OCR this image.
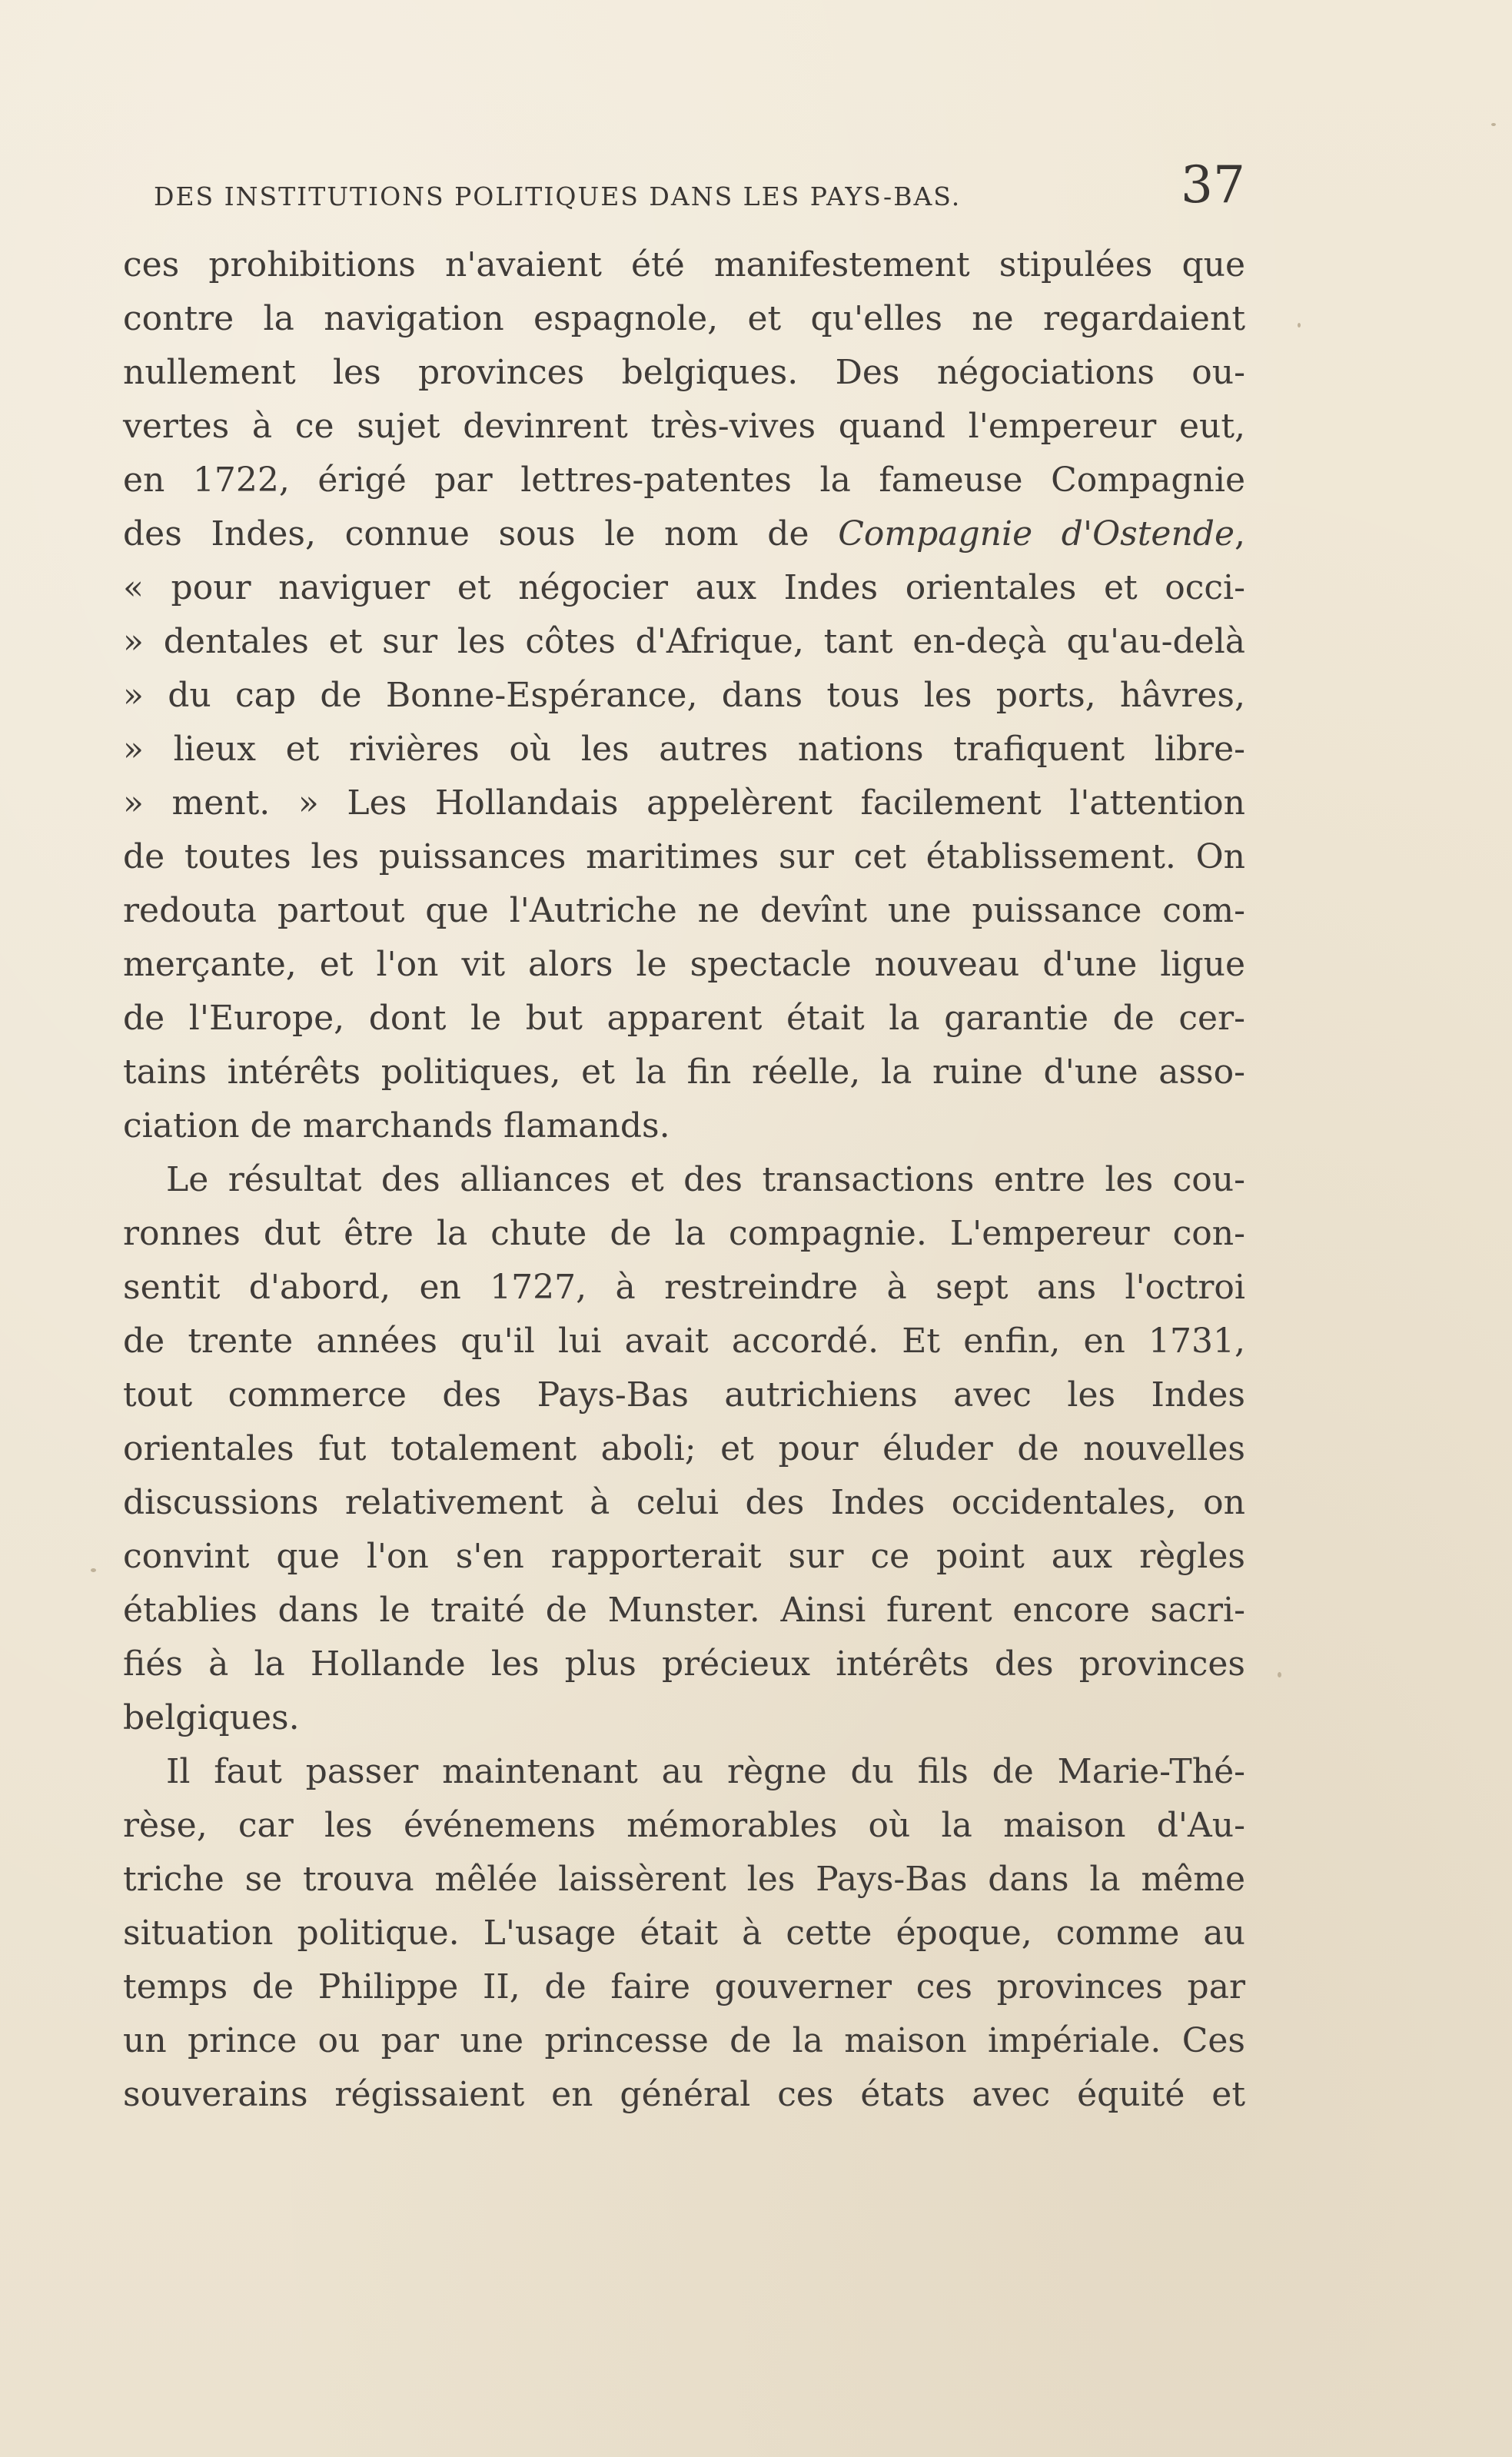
DES INSTITUTIONS POLITIQUES DANS LES PAYS-BAS.	37
ces prohibitions n'avaient été manifestement stipulées que
contre la navigation espagnole, et qu'elles ne regardaient
nullement les provinces belgiques. Des négociations ou-
vertes à ce sujet devinrent très-vives quand l'empereur eut,
en 1722, érigé par lettres-patentes la fameuse Compagnie
des Indes, connue sous le nom de Compagnie d'Ostende,
« pour naviguer et négocier aux Indes orientales et occi-
» dentales et sur les côtes d'Afrique, tant en-deçà qu'au-delà
» du cap de Bonne-Espérance, dans tous les ports, hâvres,
» lieux et rivières où les autres nations trafiquent libre-
» ment. » Les Hollandais appelèrent facilement l'attention
de toutes les puissances maritimes sur cet établissement. On
redouta partout que l'Autriche ne devînt une puissance com-
merçante, et l'on vit alors le spectacle nouveau d'une ligue
de l'Europe, dont le but apparent était la garantie de cer-
tains intérêts politiques, et la fin réelle, la ruine d'une asso-
ciation de marchands flamands.
Le résultat des alliances et des transactions entre les cou-
ronnes dut être la chute de la compagnie. L'empereur con-
sentit d'abord, en 1727, à restreindre à sept ans l'octroi
de trente années qu'il lui avait accordé. Et enfin, en 1731,
tout commerce des Pays-Bas autrichiens avec les Indes
orientales fut totalement aboli; et pour éluder de nouvelles
discussions relativement à celui des Indes occidentales, on
convint que l'on s'en rapporterait sur ce point aux règles
établies dans le traité de Munster. Ainsi furent encore sacri-
fiés à la Hollande les plus précieux intérêts des provinces
belgiques.
Il faut passer maintenant au règne du fils de Marie-Thé-
rèse, car les événemens mémorables où la maison d'Au-
triche se trouva mêlée laissèrent les Pays-Bas dans la même
situation politique. L'usage était à cette époque, comme au
temps de Philippe II, de faire gouverner ces provinces par
un prince ou par une princesse de la maison impériale. Ces
souverains régissaient en général ces états avec équité et
